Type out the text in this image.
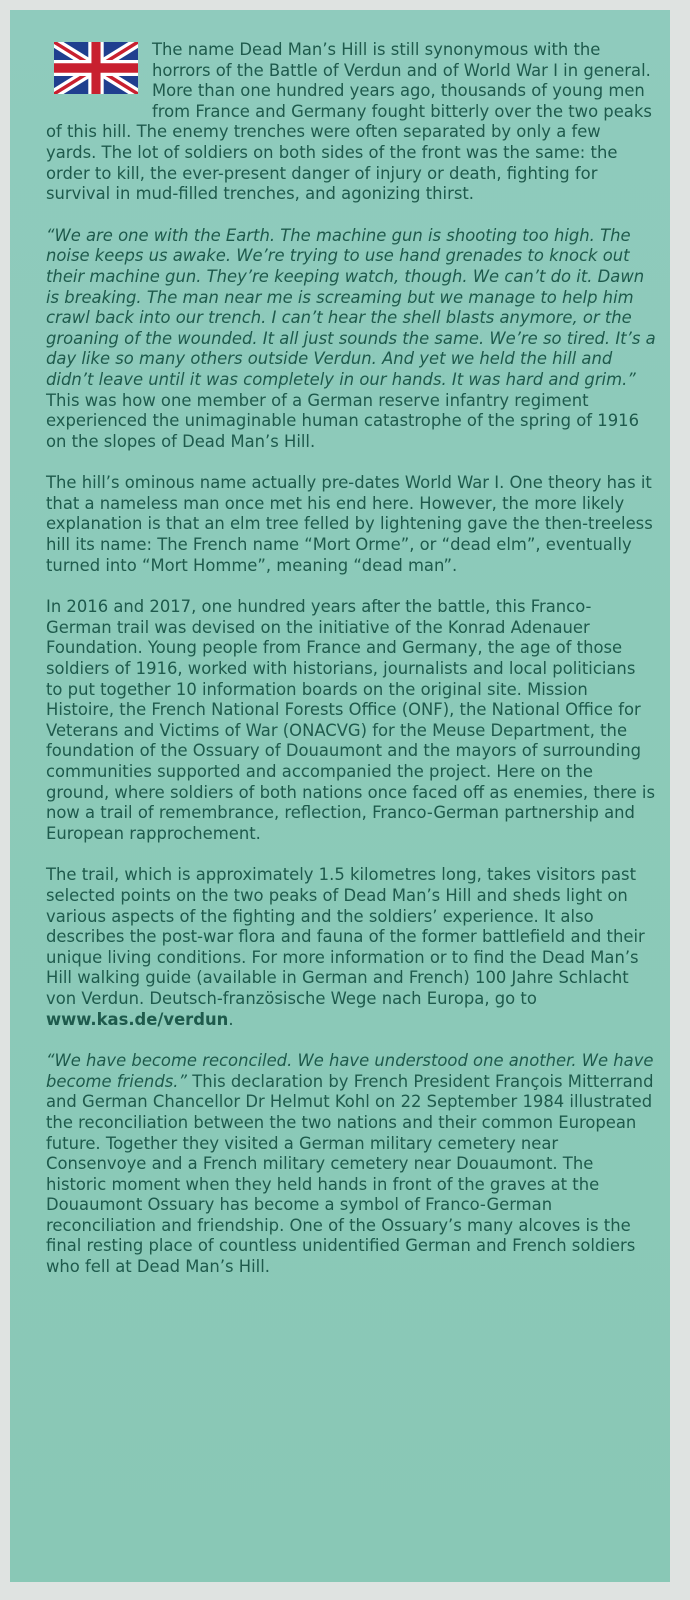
The name Dead Man’s Hill is still synonymous with the horrors of the Battle of Verdun and of World War I in general. More than one hundred years ago, thousands of young men from France and Germany fought bitterly over the two peaks of this hill. The enemy trenches were often separated by only a few yards. The lot of soldiers on both sides of the front was the same: the order to kill, the ever-present danger of injury or death, fighting for survival in mud-filled trenches, and agonizing thirst.

“We are one with the Earth. The machine gun is shooting too high. The noise keeps us awake. We’re trying to use hand grenades to knock out their machine gun. They’re keeping watch, though. We can’t do it. Dawn is breaking. The man near me is screaming but we manage to help him crawl back into our trench. I can’t hear the shell blasts anymore, or the groaning of the wounded. It all just sounds the same. We’re so tired. It’s a day like so many others outside Verdun. And yet we held the hill and didn’t leave until it was completely in our hands. It was hard and grim.” This was how one member of a German reserve infantry regiment experienced the unimaginable human catastrophe of the spring of 1916 on the slopes of Dead Man’s Hill.

The hill’s ominous name actually pre-dates World War I. One theory has it that a nameless man once met his end here. However, the more likely explanation is that an elm tree felled by lightening gave the then-treeless hill its name: The French name “Mort Orme”, or “dead elm”, eventually turned into “Mort Homme”, meaning “dead man”.

In 2016 and 2017, one hundred years after the battle, this Franco-German trail was devised on the initiative of the Konrad Adenauer Foundation. Young people from France and Germany, the age of those soldiers of 1916, worked with historians, journalists and local politicians to put together 10 information boards on the original site. Mission Histoire, the French National Forests Office (ONF), the National Office for Veterans and Victims of War (ONACVG) for the Meuse Department, the foundation of the Ossuary of Douaumont and the mayors of surrounding communities supported and accompanied the project. Here on the ground, where soldiers of both nations once faced off as enemies, there is now a trail of remembrance, reflection, Franco-German partnership and European rapprochement.

The trail, which is approximately 1.5 kilometres long, takes visitors past selected points on the two peaks of Dead Man’s Hill and sheds light on various aspects of the fighting and the soldiers’ experience. It also describes the post-war flora and fauna of the former battlefield and their unique living conditions. For more information or to find the Dead Man’s Hill walking guide (available in German and French) 100 Jahre Schlacht von Verdun. Deutsch-französische Wege nach Europa, go to www.kas.de/verdun.

“We have become reconciled. We have understood one another. We have become friends.” This declaration by French President François Mitterrand and German Chancellor Dr Helmut Kohl on 22 September 1984 illustrated the reconciliation between the two nations and their common European future. Together they visited a German military cemetery near Consenvoye and a French military cemetery near Douaumont. The historic moment when they held hands in front of the graves at the Douaumont Ossuary has become a symbol of Franco-German reconciliation and friendship. One of the Ossuary’s many alcoves is the final resting place of countless unidentified German and French soldiers who fell at Dead Man’s Hill.
